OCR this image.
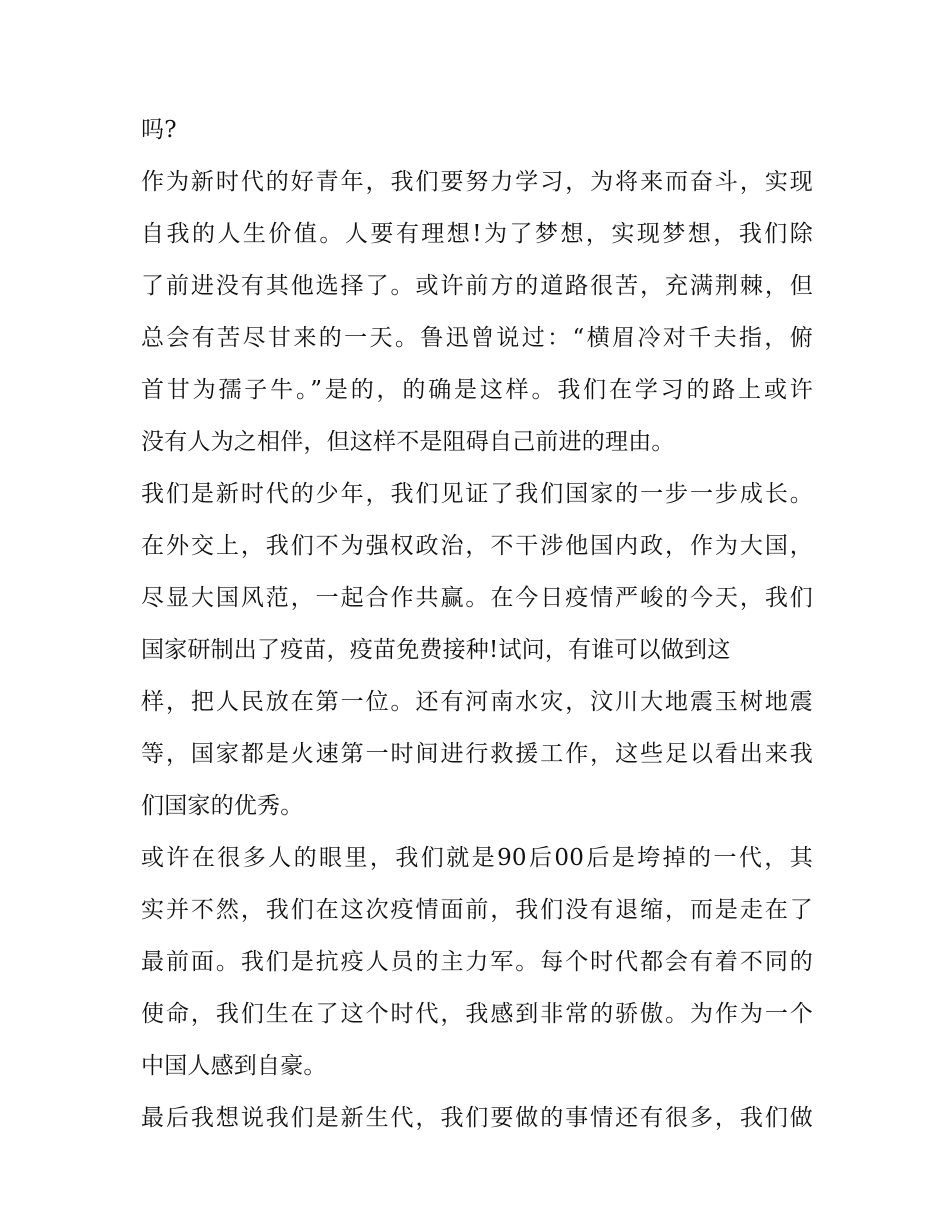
吗?
作为新时代的好青年，我们要努力学习，为将来而奋斗，实现
自我的人生价值。人要有理想!为了梦想，实现梦想，我们除
了前进没有其他选择了。或许前方的道路很苦，充满荆棘，但
总会有苦尽甘来的一天。鲁迅曾说过：“横眉冷对千夫指，俯
首甘为孺子牛。”是的，的确是这样。我们在学习的路上或许
没有人为之相伴，但这样不是阻碍自己前进的理由。
我们是新时代的少年，我们见证了我们国家的一步一步成长。
在外交上，我们不为强权政治，不干涉他国内政，作为大国，
尽显大国风范，一起合作共赢。在今日疫情严峻的今天，我们
国家研制出了疫苗，疫苗免费接种!试问，有谁可以做到这
样，把人民放在第一位。还有河南水灾，汶川大地震玉树地震
等，国家都是火速第一时间进行救援工作，这些足以看出来我
们国家的优秀。
或许在很多人的眼里，我们就是90后00后是垮掉的一代，其
实并不然，我们在这次疫情面前，我们没有退缩，而是走在了
最前面。我们是抗疫人员的主力军。每个时代都会有着不同的
使命，我们生在了这个时代，我感到非常的骄傲。为作为一个
中国人感到自豪。
最后我想说我们是新生代，我们要做的事情还有很多，我们做
